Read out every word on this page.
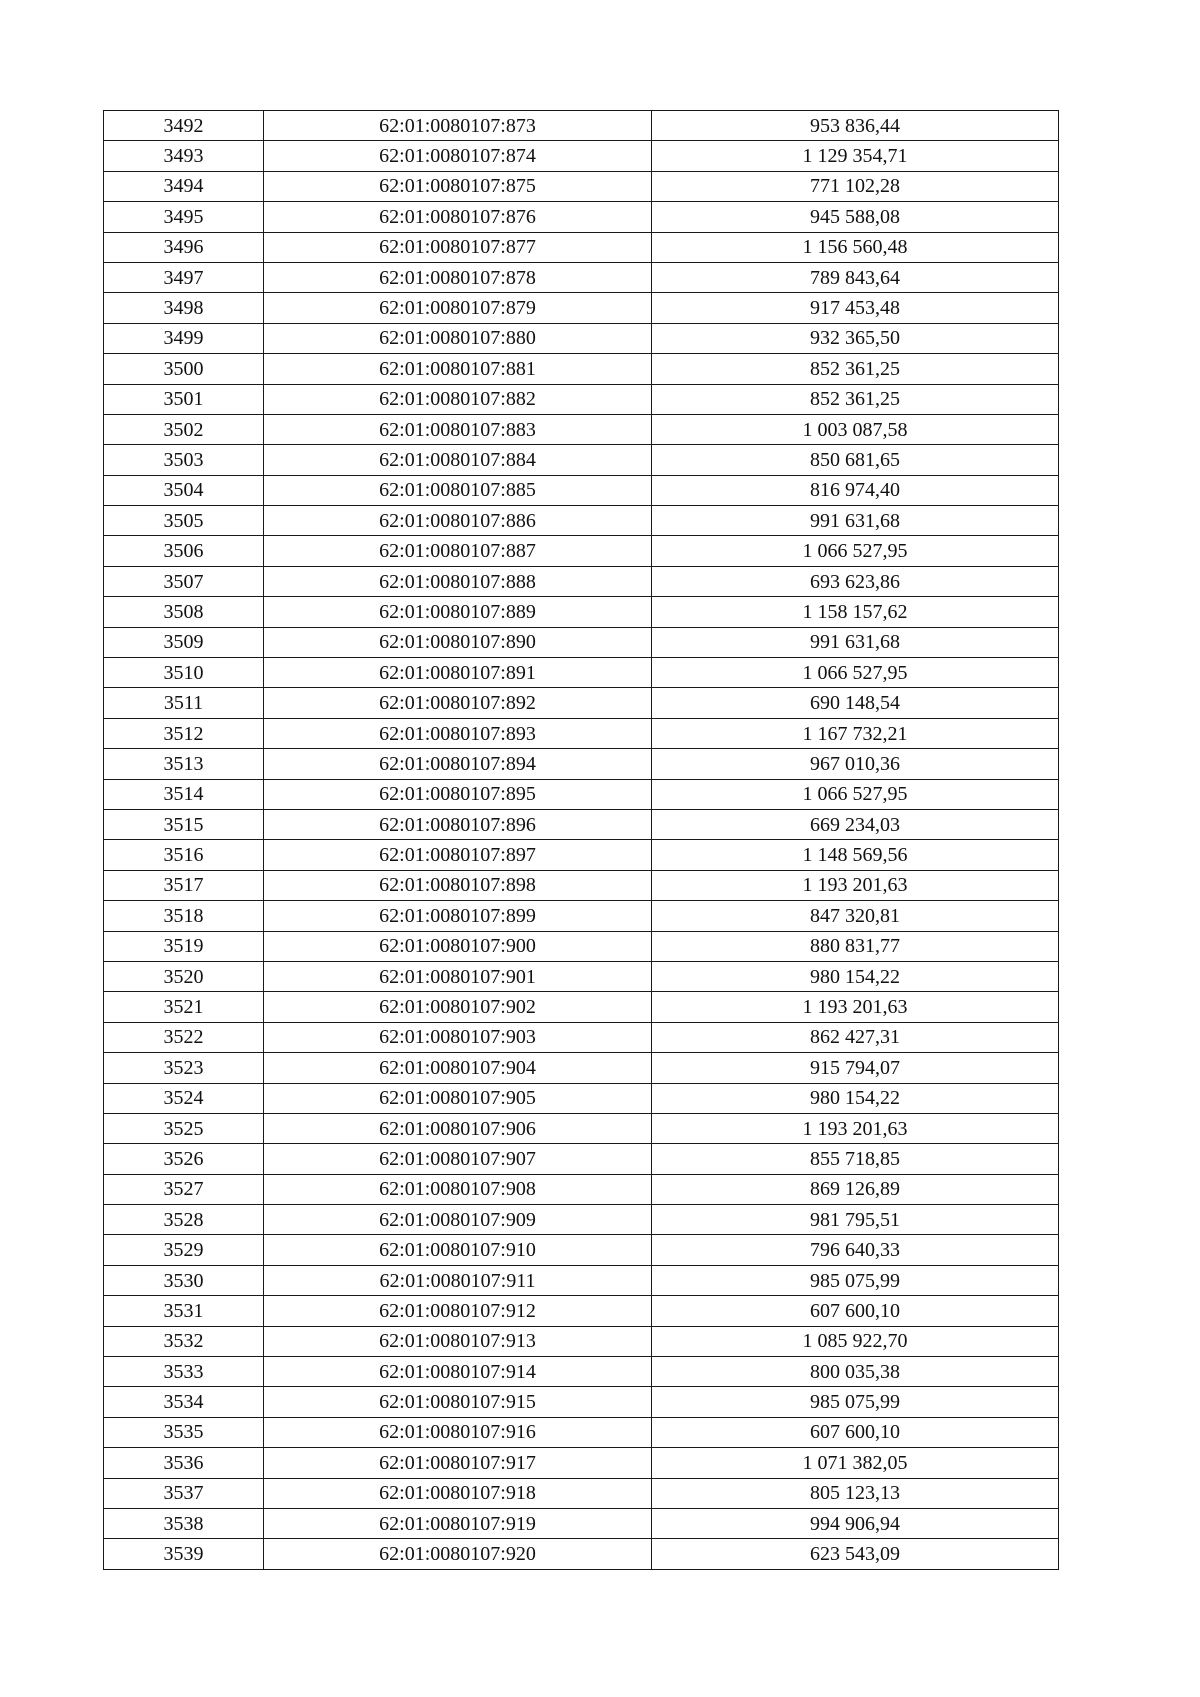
3492	62:01:0080107:873	953 836,44
3493	62:01:0080107:874	1 129 354,71
3494	62:01:0080107:875	771 102,28
3495	62:01:0080107:876	945 588,08
3496	62:01:0080107:877	1 156 560,48
3497	62:01:0080107:878	789 843,64
3498	62:01:0080107:879	917 453,48
3499	62:01:0080107:880	932 365,50
3500	62:01:0080107:881	852 361,25
3501	62:01:0080107:882	852 361,25
3502	62:01:0080107:883	1 003 087,58
3503	62:01:0080107:884	850 681,65
3504	62:01:0080107:885	816 974,40
3505	62:01:0080107:886	991 631,68
3506	62:01:0080107:887	1 066 527,95
3507	62:01:0080107:888	693 623,86
3508	62:01:0080107:889	1 158 157,62
3509	62:01:0080107:890	991 631,68
3510	62:01:0080107:891	1 066 527,95
3511	62:01:0080107:892	690 148,54
3512	62:01:0080107:893	1 167 732,21
3513	62:01:0080107:894	967 010,36
3514	62:01:0080107:895	1 066 527,95
3515	62:01:0080107:896	669 234,03
3516	62:01:0080107:897	1 148 569,56
3517	62:01:0080107:898	1 193 201,63
3518	62:01:0080107:899	847 320,81
3519	62:01:0080107:900	880 831,77
3520	62:01:0080107:901	980 154,22
3521	62:01:0080107:902	1 193 201,63
3522	62:01:0080107:903	862 427,31
3523	62:01:0080107:904	915 794,07
3524	62:01:0080107:905	980 154,22
3525	62:01:0080107:906	1 193 201,63
3526	62:01:0080107:907	855 718,85
3527	62:01:0080107:908	869 126,89
3528	62:01:0080107:909	981 795,51
3529	62:01:0080107:910	796 640,33
3530	62:01:0080107:911	985 075,99
3531	62:01:0080107:912	607 600,10
3532	62:01:0080107:913	1 085 922,70
3533	62:01:0080107:914	800 035,38
3534	62:01:0080107:915	985 075,99
3535	62:01:0080107:916	607 600,10
3536	62:01:0080107:917	1 071 382,05
3537	62:01:0080107:918	805 123,13
3538	62:01:0080107:919	994 906,94
3539	62:01:0080107:920	623 543,09
